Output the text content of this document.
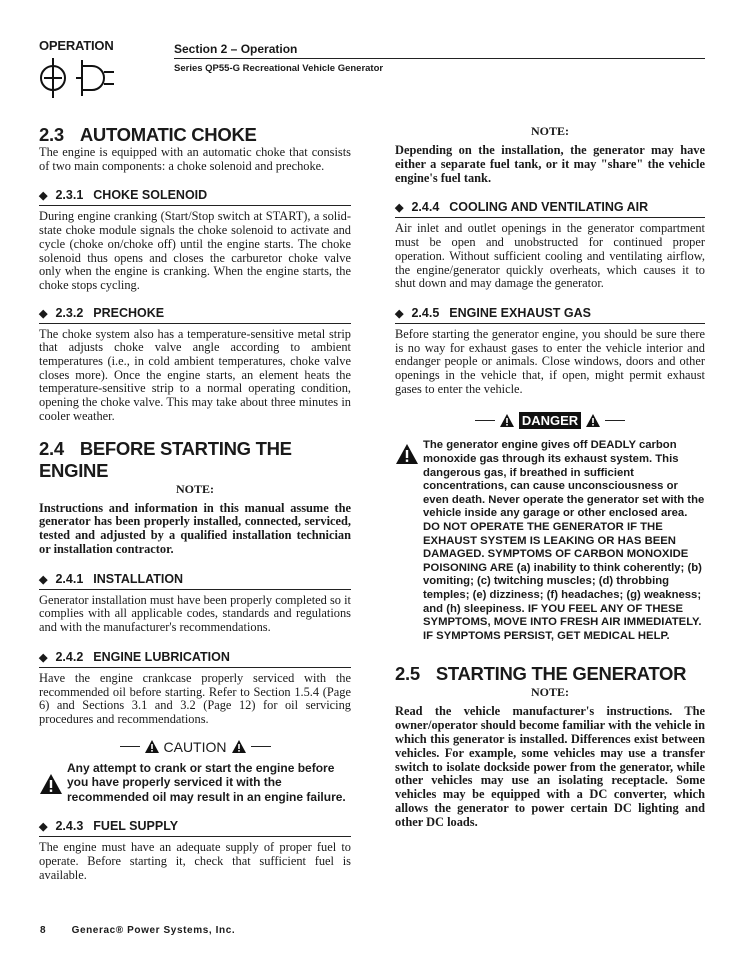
OPERATION	Section 2 – Operation
Series QP55-G Recreational Vehicle Generator
2.3 AUTOMATIC CHOKE

The engine is equipped with an automatic choke that consists of two main components: a choke solenoid and prechoke.

◆ 2.3.1 CHOKE SOLENOID

During engine cranking (Start/Stop switch at START), a solid-state choke module signals the choke solenoid to activate and cycle (choke on/choke off) until the engine starts. The choke solenoid thus opens and closes the carburetor choke valve only when the engine is cranking. When the engine starts, the choke stops cycling.

◆ 2.3.2 PRECHOKE

The choke system also has a temperature-sensitive metal strip that adjusts choke valve angle according to ambient temperatures (i.e., in cold ambient temperatures, choke valve closes more). Once the engine starts, an element heats the temperature-sensitive strip to a normal operating condition, opening the choke valve. This may take about three minutes in cooler weather.

2.4 BEFORE STARTING THE ENGINE

NOTE:

Instructions and information in this manual assume the generator has been properly installed, connected, serviced, tested and adjusted by a qualified installation technician or installation contractor.

◆ 2.4.1 INSTALLATION

Generator installation must have been properly completed so it complies with all applicable codes, standards and regulations and with the manufacturer's recommendations.

◆ 2.4.2 ENGINE LUBRICATION

Have the engine crankcase properly serviced with the recommended oil before starting. Refer to Section 1.5.4 (Page 6) and Sections 3.1 and 3.2 (Page 12) for oil servicing procedures and recommendations.

CAUTION

Any attempt to crank or start the engine before you have properly serviced it with the recommended oil may result in an engine failure.

◆ 2.4.3 FUEL SUPPLY

The engine must have an adequate supply of proper fuel to operate. Before starting it, check that sufficient fuel is available.

NOTE:

Depending on the installation, the generator may have either a separate fuel tank, or it may "share" the vehicle engine's fuel tank.

◆ 2.4.4 COOLING AND VENTILATING AIR

Air inlet and outlet openings in the generator compartment must be open and unobstructed for continued proper operation. Without sufficient cooling and ventilating airflow, the engine/generator quickly overheats, which causes it to shut down and may damage the generator.

◆ 2.4.5 ENGINE EXHAUST GAS

Before starting the generator engine, you should be sure there is no way for exhaust gases to enter the vehicle interior and endanger people or animals. Close windows, doors and other openings in the vehicle that, if open, might permit exhaust gases to enter the vehicle.

DANGER

The generator engine gives off DEADLY carbon monoxide gas through its exhaust system. This dangerous gas, if breathed in sufficient concentrations, can cause unconsciousness or even death. Never operate the generator set with the vehicle inside any garage or other enclosed area. DO NOT OPERATE THE GENERATOR IF THE EXHAUST SYSTEM IS LEAKING OR HAS BEEN DAMAGED. SYMPTOMS OF CARBON MONOXIDE POISONING ARE (a) inability to think coherently; (b) vomiting; (c) twitching muscles; (d) throbbing temples; (e) dizziness; (f) headaches; (g) weakness; and (h) sleepiness. IF YOU FEEL ANY OF THESE SYMPTOMS, MOVE INTO FRESH AIR IMMEDIATELY. IF SYMPTOMS PERSIST, GET MEDICAL HELP.

2.5 STARTING THE GENERATOR

NOTE:

Read the vehicle manufacturer's instructions. The owner/operator should become familiar with the vehicle in which this generator is installed. Differences exist between vehicles. For example, some vehicles may use a transfer switch to isolate dockside power from the generator, while other vehicles may use an isolating receptacle. Some vehicles may be equipped with a DC converter, which allows the generator to power certain DC lighting and other DC loads.

8	Generac® Power Systems, Inc.
